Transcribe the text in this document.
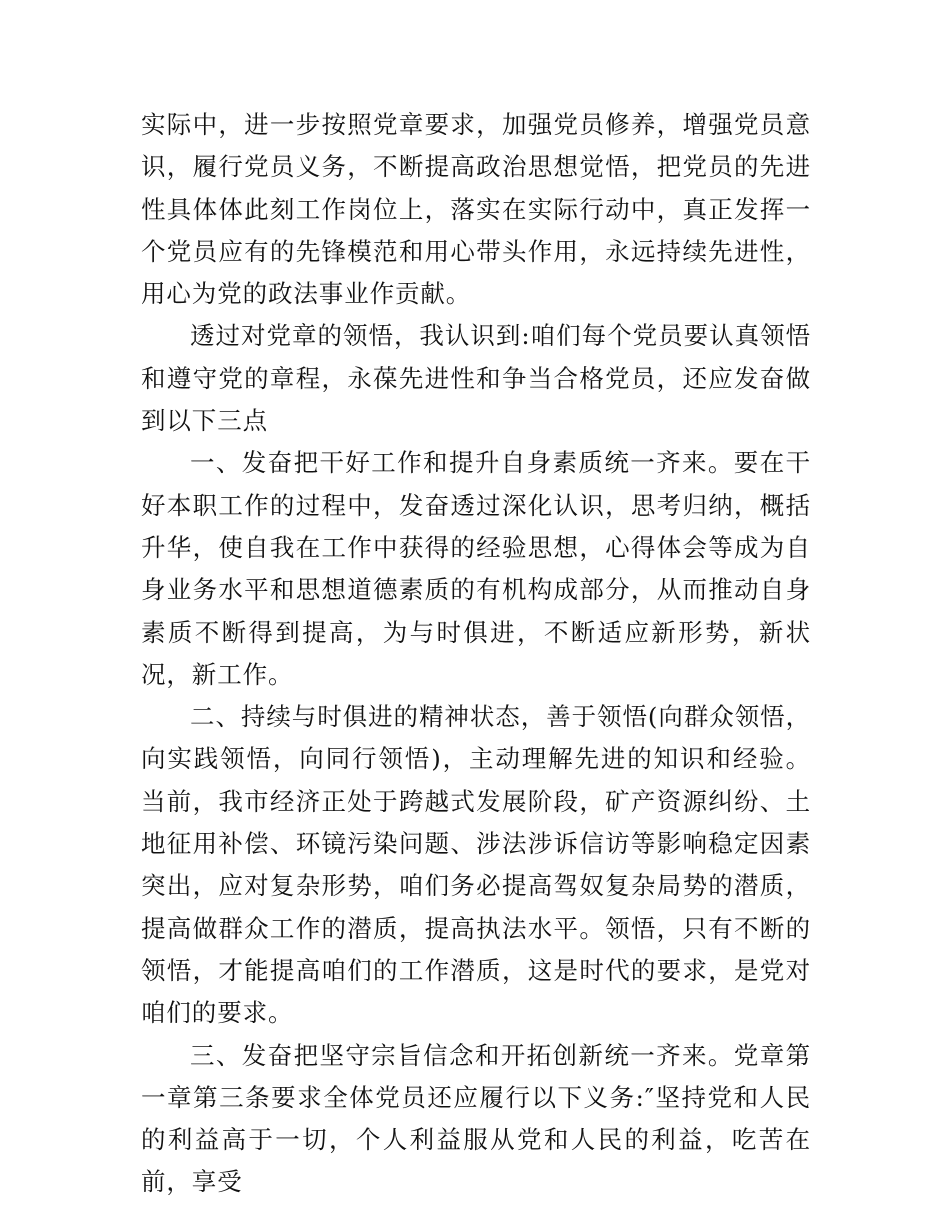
实际中，进一步按照党章要求，加强党员修养，增强党员意识，履行党员义务，不断提高政治思想觉悟，把党员的先进性具体体此刻工作岗位上，落实在实际行动中，真正发挥一个党员应有的先锋模范和用心带头作用，永远持续先进性，用心为党的政法事业作贡献。

透过对党章的领悟，我认识到:咱们每个党员要认真领悟和遵守党的章程，永葆先进性和争当合格党员，还应发奋做到以下三点

一、发奋把干好工作和提升自身素质统一齐来。要在干好本职工作的过程中，发奋透过深化认识，思考归纳，概括升华，使自我在工作中获得的经验思想，心得体会等成为自身业务水平和思想道德素质的有机构成部分，从而推动自身素质不断得到提高，为与时俱进，不断适应新形势，新状况，新工作。

二、持续与时俱进的精神状态，善于领悟(向群众领悟，向实践领悟，向同行领悟)，主动理解先进的知识和经验。当前，我市经济正处于跨越式发展阶段，矿产资源纠纷、土地征用补偿、环镜污染问题、涉法涉诉信访等影响稳定因素突出，应对复杂形势，咱们务必提高驾奴复杂局势的潜质，提高做群众工作的潜质，提高执法水平。领悟，只有不断的领悟，才能提高咱们的工作潜质，这是时代的要求，是党对咱们的要求。

三、发奋把坚守宗旨信念和开拓创新统一齐来。党章第一章第三条要求全体党员还应履行以下义务:″坚持党和人民的利益高于一切，个人利益服从党和人民的利益，吃苦在前，享受
